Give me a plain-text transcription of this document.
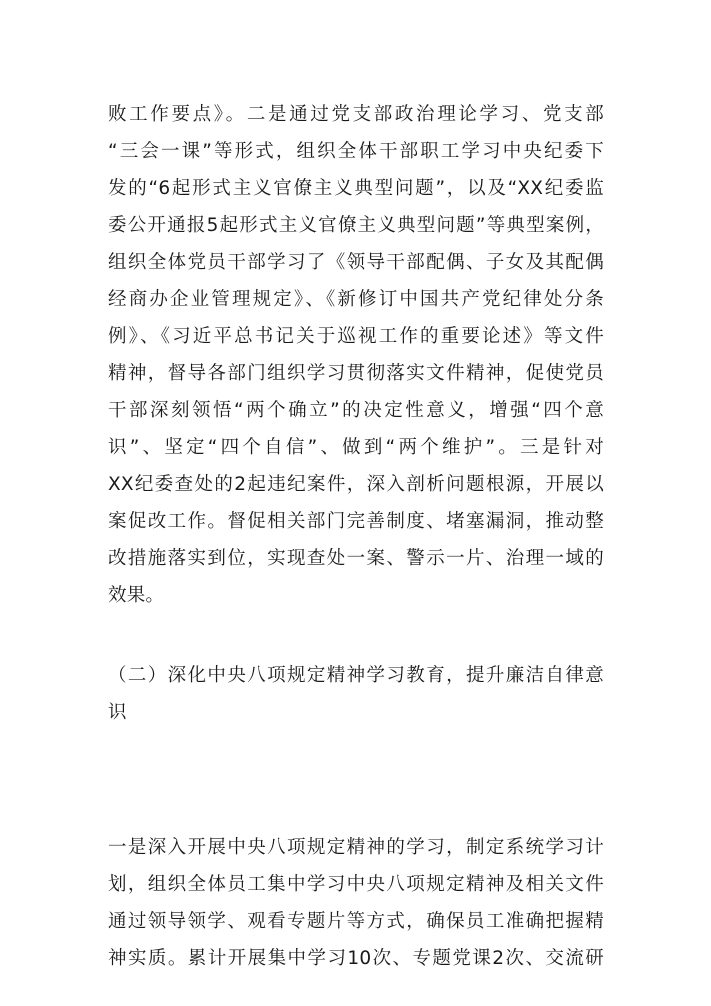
败工作要点》。二是通过党支部政治理论学习、党支部
“三会一课”等形式，组织全体干部职工学习中央纪委下
发的“6起形式主义官僚主义典型问题”，以及“XX纪委监
委公开通报5起形式主义官僚主义典型问题”等典型案例，
组织全体党员干部学习了《领导干部配偶、子女及其配偶
经商办企业管理规定》、《新修订中国共产党纪律处分条
例》、《习近平总书记关于巡视工作的重要论述》等文件
精神，督导各部门组织学习贯彻落实文件精神，促使党员
干部深刻领悟“两个确立”的决定性意义，增强“四个意
识”、坚定“四个自信”、做到“两个维护”。三是针对
XX纪委查处的2起违纪案件，深入剖析问题根源，开展以
案促改工作。督促相关部门完善制度、堵塞漏洞，推动整
改措施落实到位，实现查处一案、警示一片、治理一域的
效果。
（二）深化中央八项规定精神学习教育，提升廉洁自律意
识
一是深入开展中央八项规定精神的学习，制定系统学习计
划，组织全体员工集中学习中央八项规定精神及相关文件
通过领导领学、观看专题片等方式，确保员工准确把握精
神实质。累计开展集中学习10次、专题党课2次、交流研
